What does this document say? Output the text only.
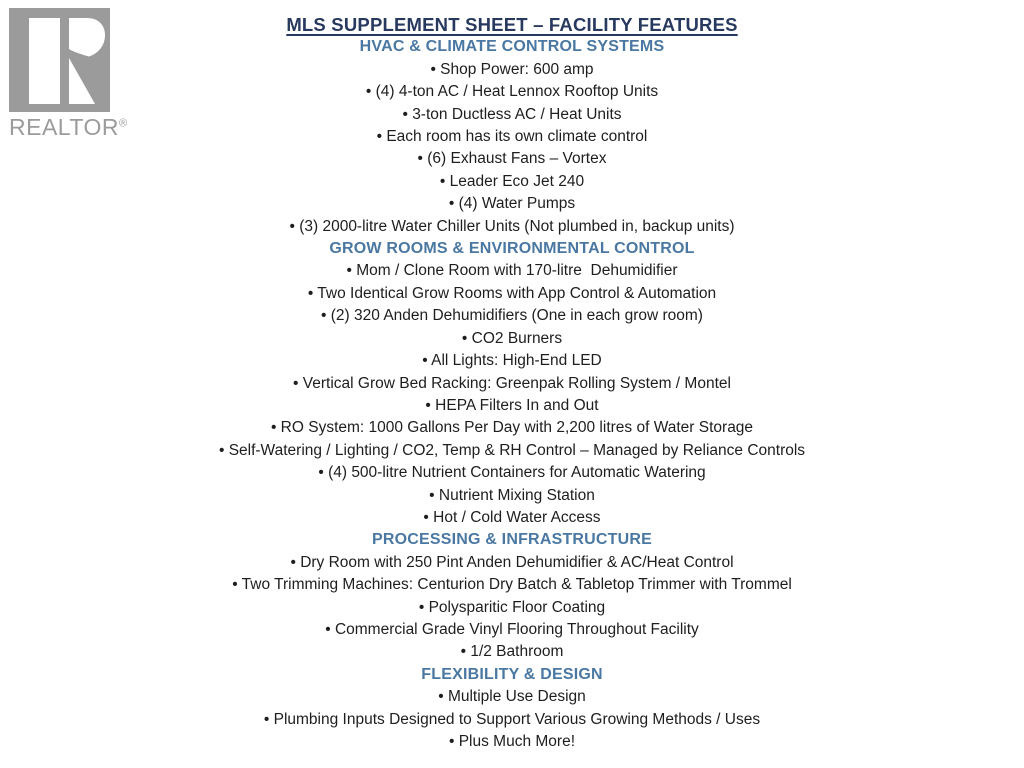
REALTOR®
MLS SUPPLEMENT SHEET – FACILITY FEATURES
HVAC & CLIMATE CONTROL SYSTEMS
• Shop Power: 600 amp
• (4) 4-ton AC / Heat Lennox Rooftop Units
• 3-ton Ductless AC / Heat Units
• Each room has its own climate control
• (6) Exhaust Fans – Vortex
• Leader Eco Jet 240
• (4) Water Pumps
• (3) 2000-litre Water Chiller Units (Not plumbed in, backup units)
GROW ROOMS & ENVIRONMENTAL CONTROL
• Mom / Clone Room with 170-litre  Dehumidifier
• Two Identical Grow Rooms with App Control & Automation
• (2) 320 Anden Dehumidifiers (One in each grow room)
• CO2 Burners
• All Lights: High-End LED
• Vertical Grow Bed Racking: Greenpak Rolling System / Montel
• HEPA Filters In and Out
• RO System: 1000 Gallons Per Day with 2,200 litres of Water Storage
• Self-Watering / Lighting / CO2, Temp & RH Control – Managed by Reliance Controls
• (4) 500-litre Nutrient Containers for Automatic Watering
• Nutrient Mixing Station
• Hot / Cold Water Access
PROCESSING & INFRASTRUCTURE
• Dry Room with 250 Pint Anden Dehumidifier & AC/Heat Control
• Two Trimming Machines: Centurion Dry Batch & Tabletop Trimmer with Trommel
• Polysparitic Floor Coating
• Commercial Grade Vinyl Flooring Throughout Facility
• 1/2 Bathroom
FLEXIBILITY & DESIGN
• Multiple Use Design
• Plumbing Inputs Designed to Support Various Growing Methods / Uses
• Plus Much More!
